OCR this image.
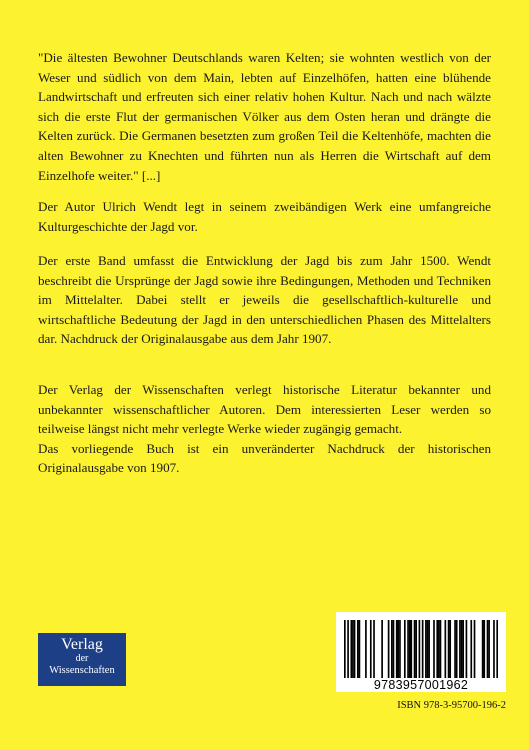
"Die ältesten Bewohner Deutschlands waren Kelten; sie wohnten westlich von der Weser und südlich von dem Main, lebten auf Einzelhöfen, hatten eine blühende Landwirtschaft und erfreuten sich einer relativ hohen Kultur. Nach und nach wälzte sich die erste Flut der germanischen Völker aus dem Osten heran und drängte die Kelten zurück. Die Germanen besetzten zum großen Teil die Keltenhöfe, machten die alten Bewohner zu Knechten und führten nun als Herren die Wirtschaft auf dem Einzelhofe weiter." [...]

Der Autor Ulrich Wendt legt in seinem zweibändigen Werk eine umfangreiche Kulturgeschichte der Jagd vor.

Der erste Band umfasst die Entwicklung der Jagd bis zum Jahr 1500. Wendt beschreibt die Ursprünge der Jagd sowie ihre Bedingungen, Methoden und Techniken im Mittelalter. Dabei stellt er jeweils die gesellschaftlich-kulturelle und wirtschaftliche Bedeutung der Jagd in den unterschiedlichen Phasen des Mittelalters dar. Nachdruck der Originalausgabe aus dem Jahr 1907.

Der Verlag der Wissenschaften verlegt historische Literatur bekannter und unbekannter wissenschaftlicher Autoren. Dem interessierten Leser werden so teilweise längst nicht mehr verlegte Werke wieder zugängig gemacht.

Das vorliegende Buch ist ein unveränderter Nachdruck der historischen Originalausgabe von 1907.

Verlag
der
Wissenschaften
9783957001962
ISBN 978-3-95700-196-2
